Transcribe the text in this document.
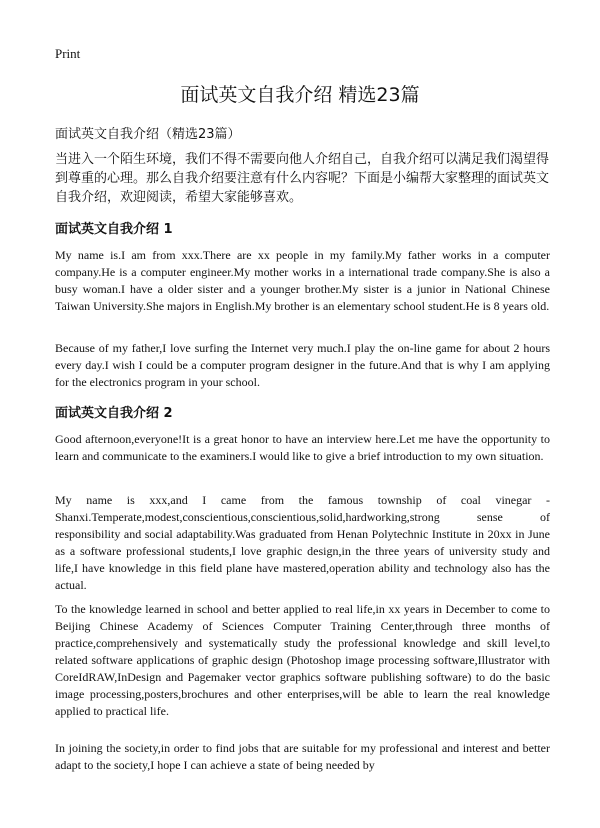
Print
面试英文自我介绍 精选23篇
面试英文自我介绍（精选23篇）
当进入一个陌生环境，我们不得不需要向他人介绍自己，自我介绍可以满足我们渴望得到尊重的心理。那么自我介绍要注意有什么内容呢？下面是小编帮大家整理的面试英文自我介绍，欢迎阅读，希望大家能够喜欢。
面试英文自我介绍 1
My name is.I am from xxx.There are xx people in my family.My father works in a computer company.He is a computer engineer.My mother works in a international trade company.She is also a busy woman.I have a older sister and a younger brother.My sister is a junior in National Chinese Taiwan University.She majors in English.My brother is an elementary school student.He is 8 years old.
Because of my father,I love surfing the Internet very much.I play the on-line game for about 2 hours every day.I wish I could be a computer program designer in the future.And that is why I am applying for the electronics program in your school.
面试英文自我介绍 2
Good afternoon,everyone!It is a great honor to have an interview here.Let me have the opportunity to learn and communicate to the examiners.I would like to give a brief introduction to my own situation.
My name is xxx,and I came from the famous township of coal vinegar - Shanxi.Temperate,modest,conscientious,conscientious,solid,hardworking,strong sense of responsibility and social adaptability.Was graduated from Henan Polytechnic Institute in 20xx in June as a software professional students,I love graphic design,in the three years of university study and life,I have knowledge in this field plane have mastered,operation ability and technology also has the actual.
To the knowledge learned in school and better applied to real life,in xx years in December to come to Beijing Chinese Academy of Sciences Computer Training Center,through three months of practice,comprehensively and systematically study the professional knowledge and skill level,to related software applications of graphic design (Photoshop image processing software,Illustrator with CoreIdRAW,InDesign and Pagemaker vector graphics software publishing software) to do the basic image processing,posters,brochures and other enterprises,will be able to learn the real knowledge applied to practical life.
In joining the society,in order to find jobs that are suitable for my professional and interest and better adapt to the society,I hope I can achieve a state of being needed by
